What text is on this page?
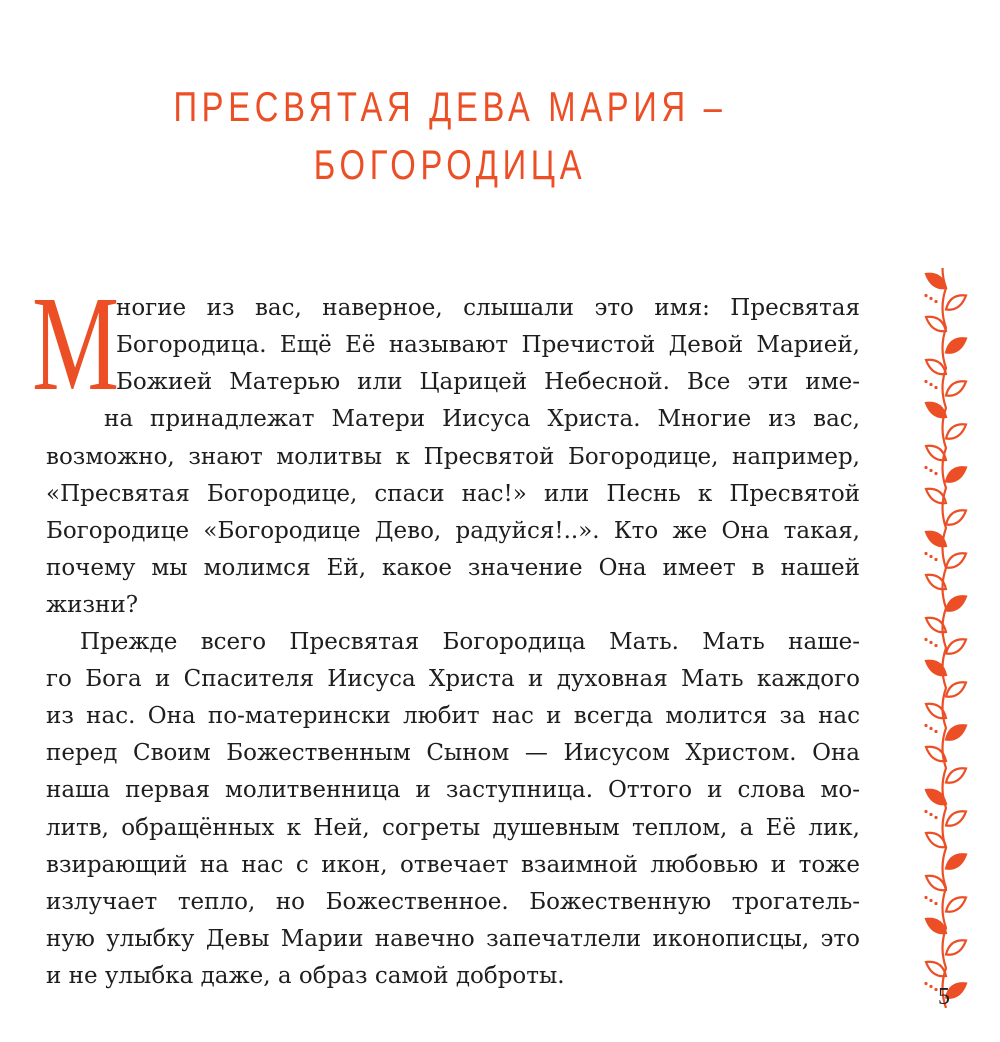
ПРЕСВЯТАЯ ДЕВА МАРИЯ –
БОГОРОДИЦА
М
ногие из вас, наверное, слышали это имя: Пресвятая
Богородица. Ещё Её называют Пречистой Девой Марией,
Божией Матерью или Царицей Небесной. Все эти име-
на принадлежат Матери Иисуса Христа. Многие из вас,
возможно, знают молитвы к Пресвятой Богородице, например,
«Пресвятая Богородице, спаси нас!» или Песнь к Пресвятой
Богородице «Богородице Дево, радуйся!..». Кто же Она такая,
почему мы молимся Ей, какое значение Она имеет в нашей
жизни?
Прежде всего Пресвятая Богородица Мать. Мать наше-
го Бога и Спасителя Иисуса Христа и духовная Мать каждого
из нас. Она по-матерински любит нас и всегда молится за нас
перед Своим Божественным Сыном — Иисусом Христом. Она
наша первая молитвенница и заступница. Оттого и слова мо-
литв, обращённых к Ней, согреты душевным теплом, а Её лик,
взирающий на нас с икон, отвечает взаимной любовью и тоже
излучает тепло, но Божественное. Божественную трогатель-
ную улыбку Девы Марии навечно запечатлели иконописцы, это
и не улыбка даже, а образ самой доброты.
5
